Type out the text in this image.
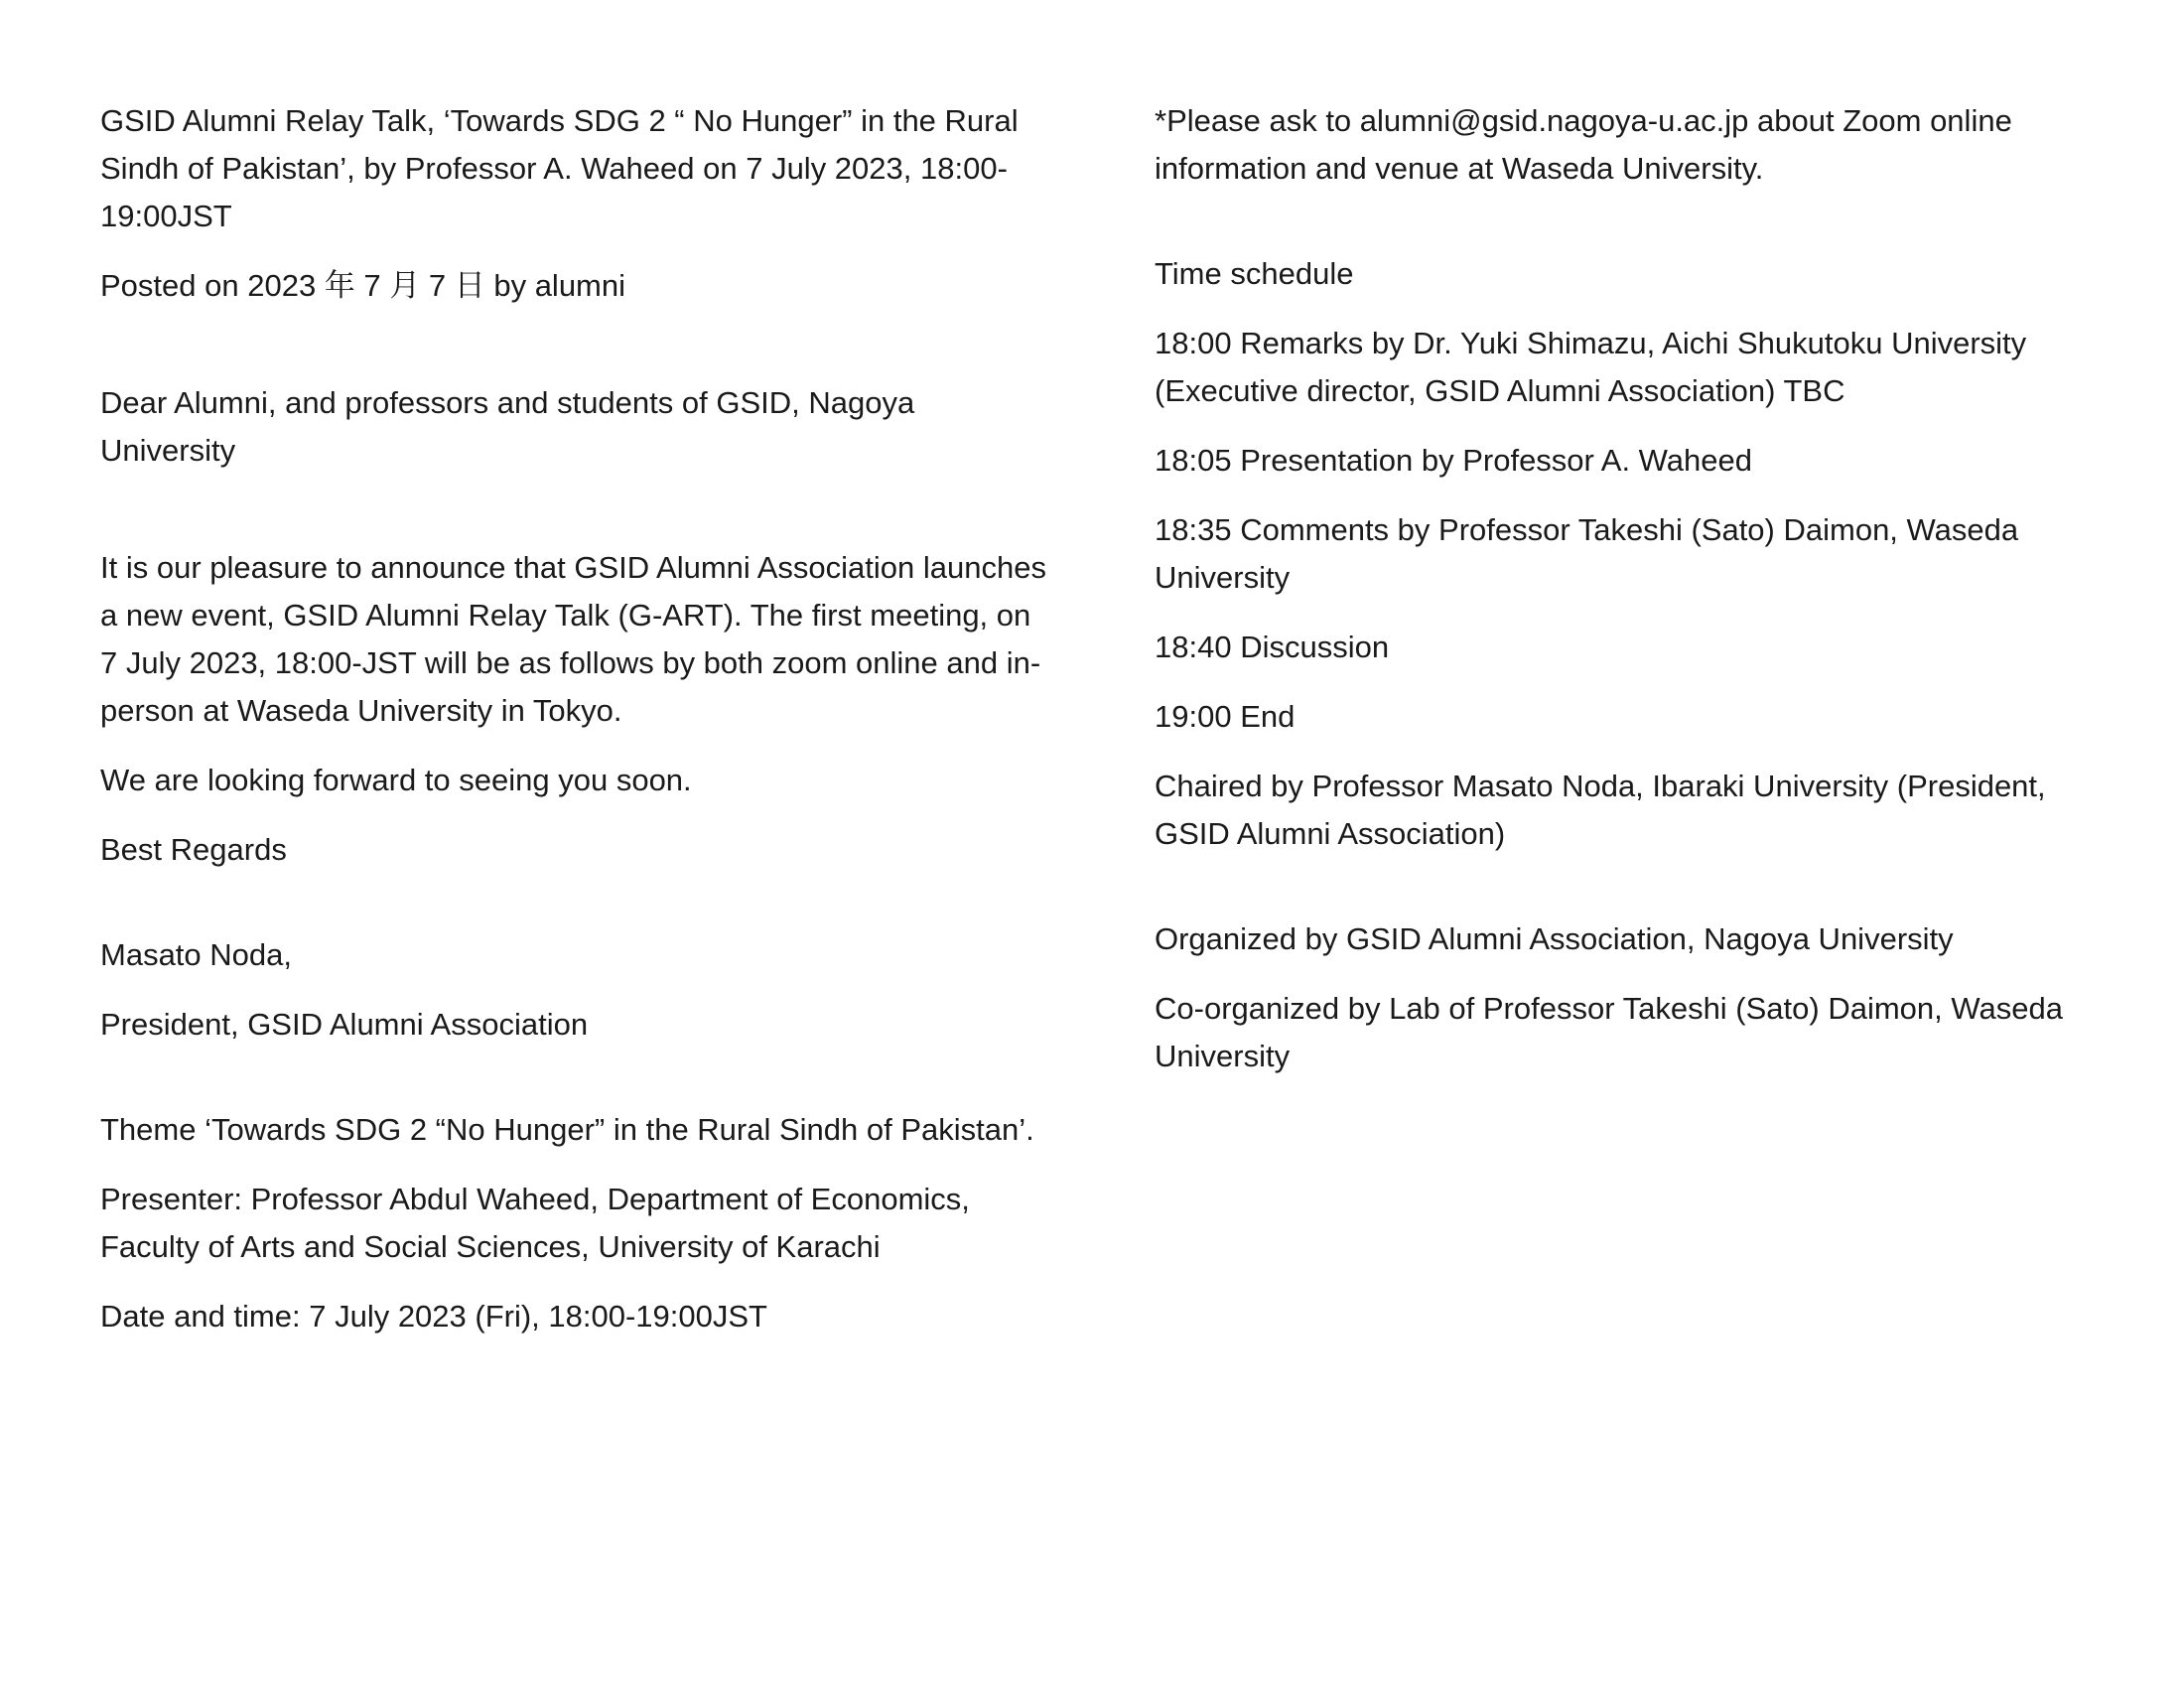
GSID Alumni Relay Talk, ‘Towards SDG 2 “ No Hunger” in the Rural Sindh of Pakistan’, by Professor A. Waheed on 7 July 2023, 18:00-19:00JST

Posted on 2023 年 7 月 7 日 by alumni

Dear Alumni, and professors and students of GSID, Nagoya University

It is our pleasure to announce that GSID Alumni Association launches a new event, GSID Alumni Relay Talk (G-ART). The first meeting, on 7 July 2023, 18:00-JST will be as follows by both zoom online and in-person at Waseda University in Tokyo.

We are looking forward to seeing you soon.

Best Regards

Masato Noda,

President, GSID Alumni Association

Theme ‘Towards SDG 2 “No Hunger” in the Rural Sindh of Pakistan’.

Presenter: Professor Abdul Waheed, Department of Economics, Faculty of Arts and Social Sciences, University of Karachi

Date and time: 7 July 2023 (Fri), 18:00-19:00JST

*Please ask to alumni@gsid.nagoya-u.ac.jp about Zoom online information and venue at Waseda University.

Time schedule

18:00 Remarks by Dr. Yuki Shimazu, Aichi Shukutoku University (Executive director, GSID Alumni Association) TBC

18:05 Presentation by Professor A. Waheed

18:35 Comments by Professor Takeshi (Sato) Daimon, Waseda University

18:40 Discussion

19:00 End

Chaired by Professor Masato Noda, Ibaraki University (President, GSID Alumni Association)

Organized by GSID Alumni Association, Nagoya University

Co-organized by Lab of Professor Takeshi (Sato) Daimon, Waseda University
